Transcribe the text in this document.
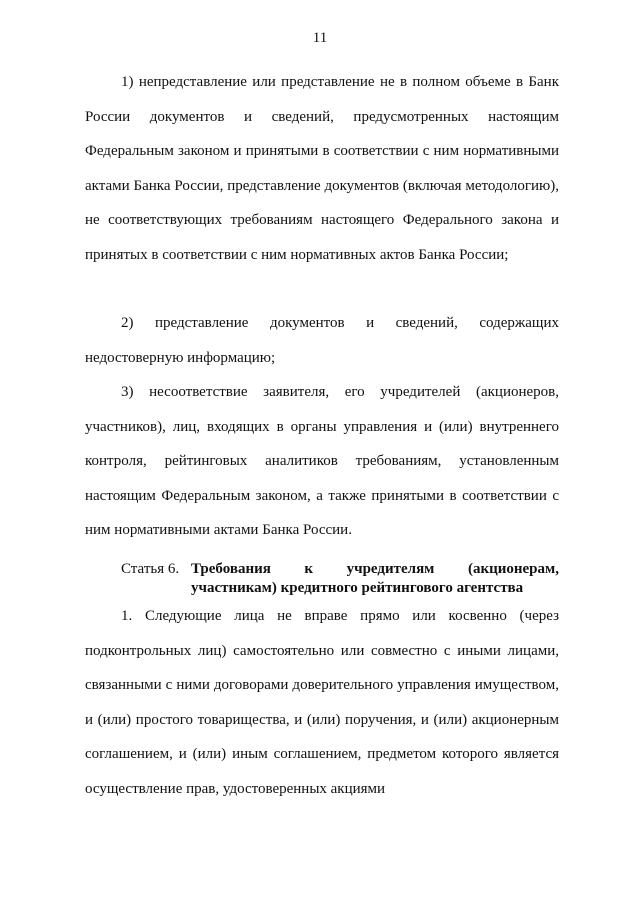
11

1) непредставление или представление не в полном объеме в Банк России документов и сведений, предусмотренных настоящим Федеральным законом и принятыми в соответствии с ним нормативными актами Банка России, представление документов (включая методологию), не соответствующих требованиям настоящего Федерального закона и принятых в соответствии с ним нормативных актов Банка России;

2) представление документов и сведений, содержащих недостоверную информацию;

3) несоответствие заявителя, его учредителей (акционеров, участников), лиц, входящих в органы управления и (или) внутреннего контроля, рейтинговых аналитиков требованиям, установленным настоящим Федеральным законом, а также принятыми в соответствии с ним нормативными актами Банка России.

Статья 6. Требования к учредителям (акционерам,
участникам) кредитного рейтингового агентства

1. Следующие лица не вправе прямо или косвенно (через подконтрольных лиц) самостоятельно или совместно с иными лицами, связанными с ними договорами доверительного управления имуществом, и (или) простого товарищества, и (или) поручения, и (или) акционерным соглашением, и (или) иным соглашением, предметом которого является осуществление прав, удостоверенных акциями
